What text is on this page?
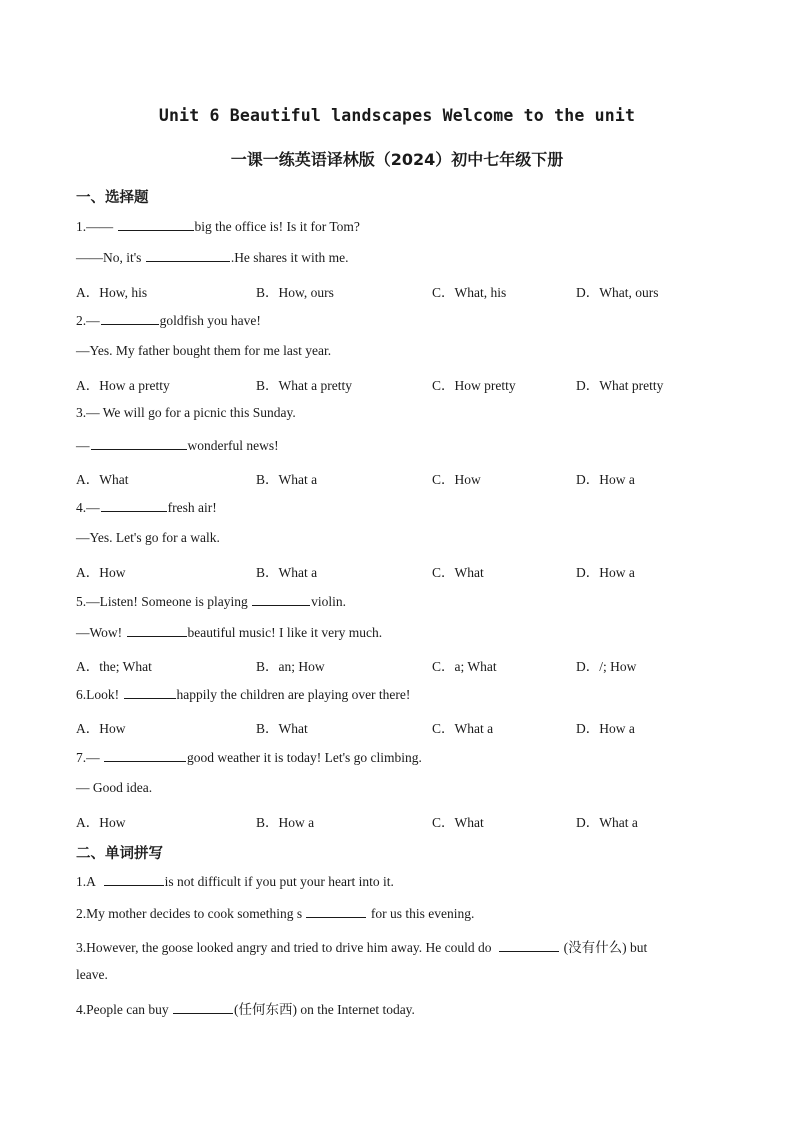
Unit 6 Beautiful landscapes Welcome to the unit
一课一练英语译林版（2024）初中七年级下册
一、选择题
1.——	big the office is! Is it for Tom?
——No, it's	.He shares it with me.
A．How, his	B．How, ours	C．What, his	D．What, ours
2.—	goldfish you have!
—Yes. My father bought them for me last year.
A．How a pretty	B．What a pretty	C．How pretty	D．What pretty
3.— We will go for a picnic this Sunday.
—	wonderful news!
A．What	B．What a	C．How	D．How a
4.—	fresh air!
—Yes. Let's go for a walk.
A．How	B．What a	C．What	D．How a
5.—Listen! Someone is playing	violin.
—Wow!	beautiful music! I like it very much.
A．the; What	B．an; How	C．a; What	D．/; How
6.Look!	happily the children are playing over there!
A．How	B．What	C．What a	D．How a
7.—	good weather it is today! Let's go climbing.
— Good idea.
A．How	B．How a	C．What	D．What a
二、单词拼写
1.A	is not difficult if you put your heart into it.
2.My mother decides to cook something s	for us this evening.
3.However, the goose looked angry and tried to drive him away. He could do	(没有什么) but
leave.
4.People can buy	(任何东西) on the Internet today.
